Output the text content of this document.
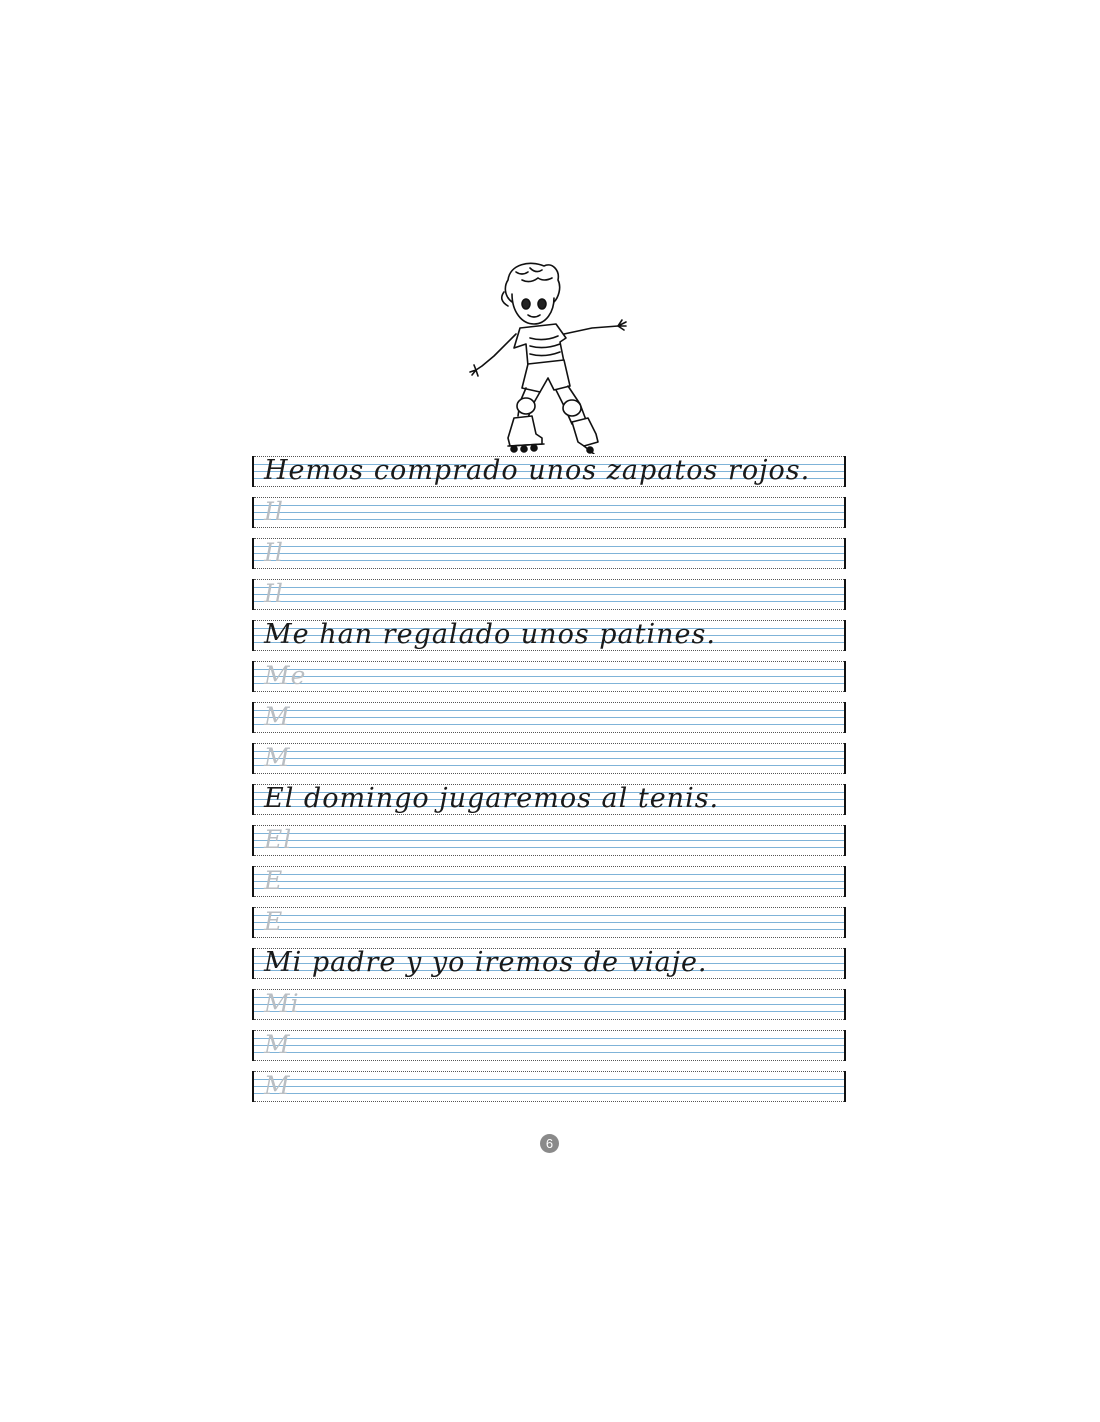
Hemos comprado unos zapatos rojos.
Il
Il
Il
Me han regalado unos patines.
Me
M
M
El domingo jugaremos al tenis.
El
E
E
Mi padre y yo iremos de viaje.
Mi
M
M
6
